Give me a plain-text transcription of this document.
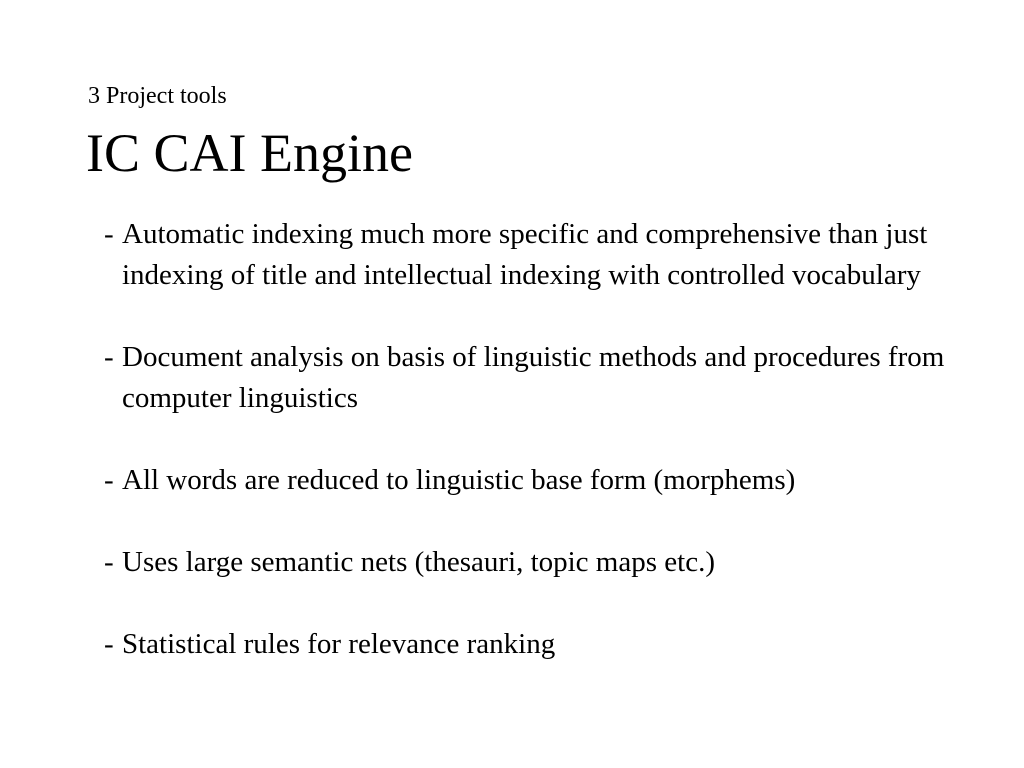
3 Project tools
IC CAI Engine
- Automatic indexing much more specific and comprehensive than just indexing of title and intellectual indexing with controlled vocabulary
- Document analysis on basis of linguistic methods and procedures from computer linguistics
- All words are reduced to linguistic base form (morphems)
- Uses large semantic nets (thesauri, topic maps etc.)
- Statistical rules for relevance ranking
